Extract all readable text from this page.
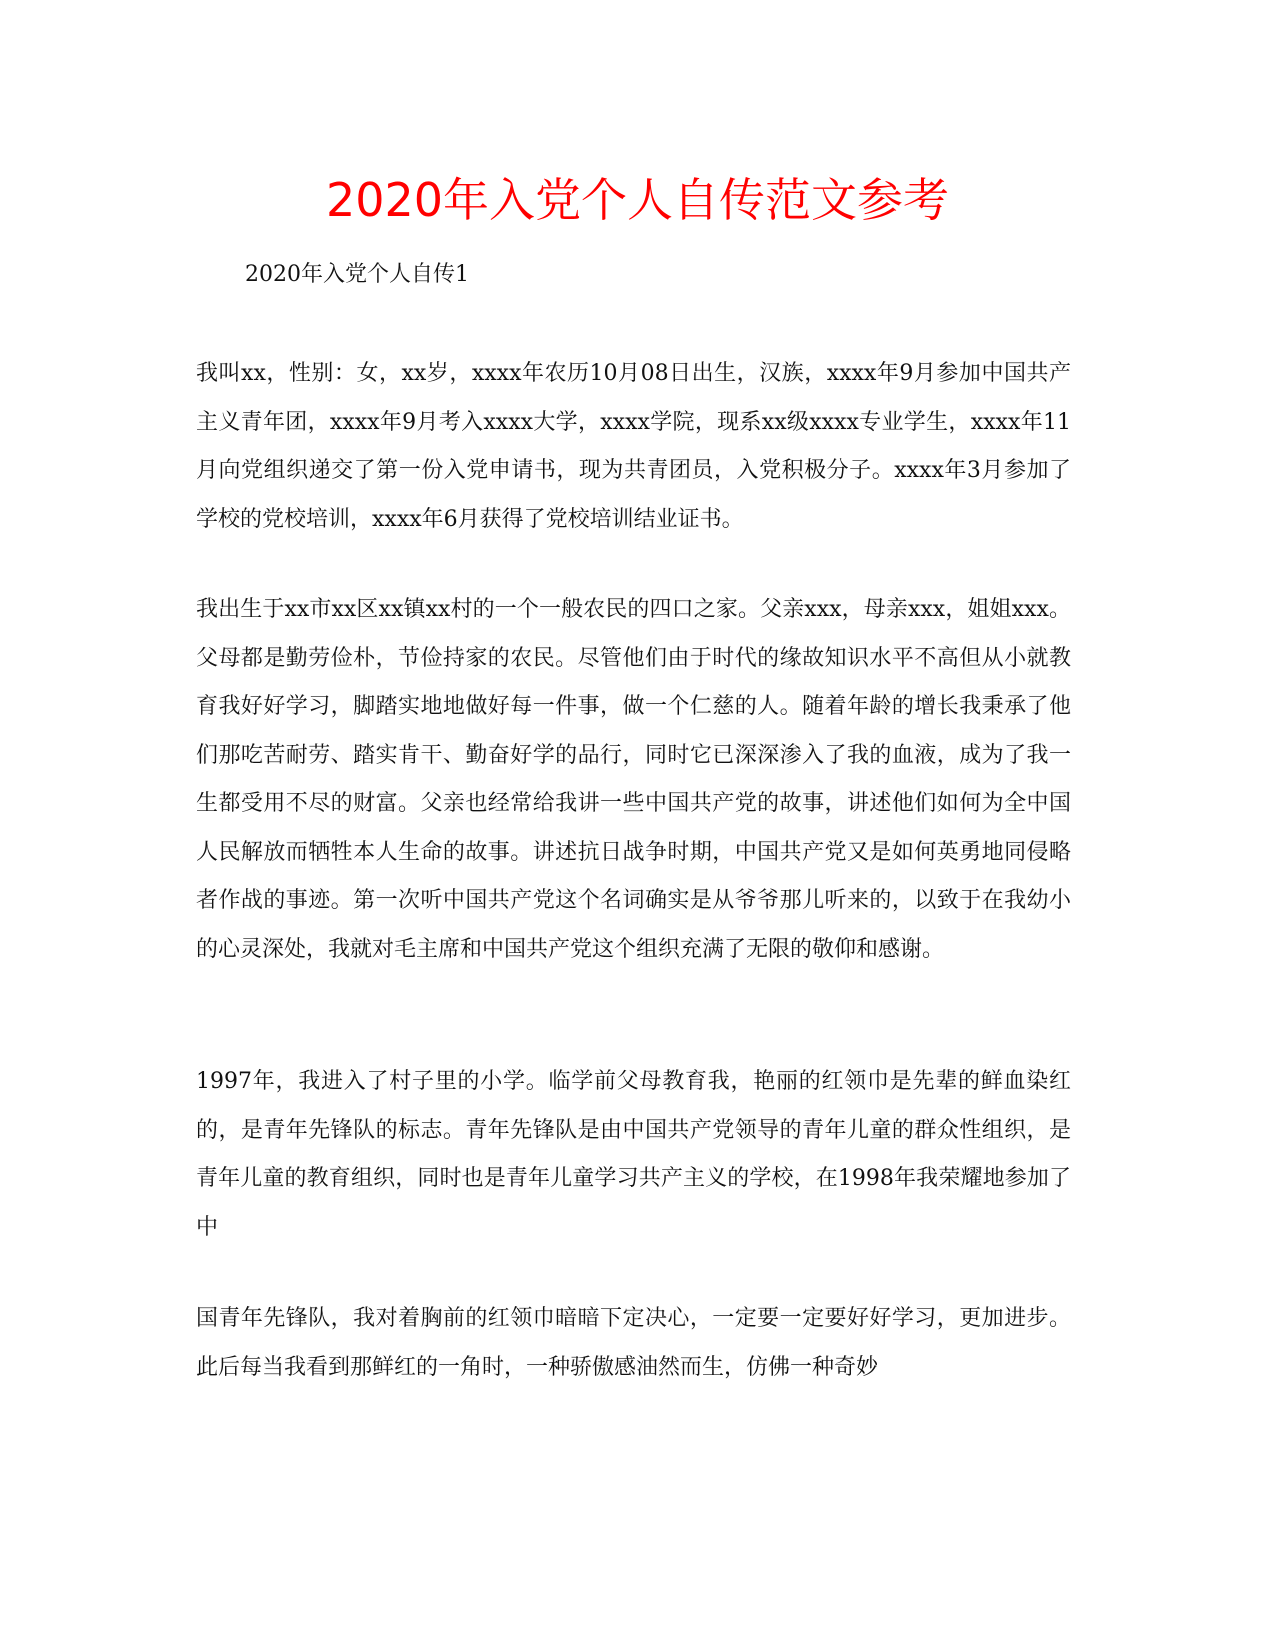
2020年入党个人自传范文参考

2020年入党个人自传1

我叫xx，性别：女，xx岁，xxxx年农历10月08日出生，汉族，xxxx年9月参加中国共产主义青年团，xxxx年9月考入xxxx大学，xxxx学院，现系xx级xxxx专业学生，xxxx年11月向党组织递交了第一份入党申请书，现为共青团员，入党积极分子。xxxx年3月参加了学校的党校培训，xxxx年6月获得了党校培训结业证书。

我出生于xx市xx区xx镇xx村的一个一般农民的四口之家。父亲xxx，母亲xxx，姐姐xxx。父母都是勤劳俭朴，节俭持家的农民。尽管他们由于时代的缘故知识水平不高但从小就教育我好好学习，脚踏实地地做好每一件事，做一个仁慈的人。随着年龄的增长我秉承了他们那吃苦耐劳、踏实肯干、勤奋好学的品行，同时它已深深渗入了我的血液，成为了我一生都受用不尽的财富。父亲也经常给我讲一些中国共产党的故事，讲述他们如何为全中国人民解放而牺牲本人生命的故事。讲述抗日战争时期，中国共产党又是如何英勇地同侵略者作战的事迹。第一次听中国共产党这个名词确实是从爷爷那儿听来的，以致于在我幼小的心灵深处，我就对毛主席和中国共产党这个组织充满了无限的敬仰和感谢。

1997年，我进入了村子里的小学。临学前父母教育我，艳丽的红领巾是先辈的鲜血染红的，是青年先锋队的标志。青年先锋队是由中国共产党领导的青年儿童的群众性组织，是青年儿童的教育组织，同时也是青年儿童学习共产主义的学校，在1998年我荣耀地参加了中

国青年先锋队，我对着胸前的红领巾暗暗下定决心，一定要一定要好好学习，更加进步。此后每当我看到那鲜红的一角时，一种骄傲感油然而生，仿佛一种奇妙
